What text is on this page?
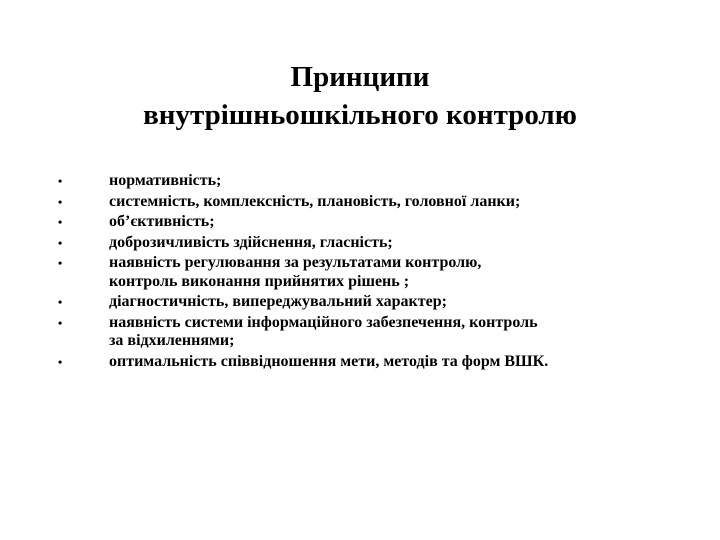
Принципи
внутрішньошкільного контролю
•	нормативність;
•	системність, комплексність, плановість, головної ланки;
•	об’єктивність;
•	доброзичливість здійснення, гласність;
•	наявність регулювання за результатами контролю,
контроль виконання прийнятих рішень ;
•	діагностичність, випереджувальний характер;
•	наявність системи інформаційного забезпечення, контроль
за відхиленнями;
•	оптимальність співвідношення мети, методів та форм ВШК.
